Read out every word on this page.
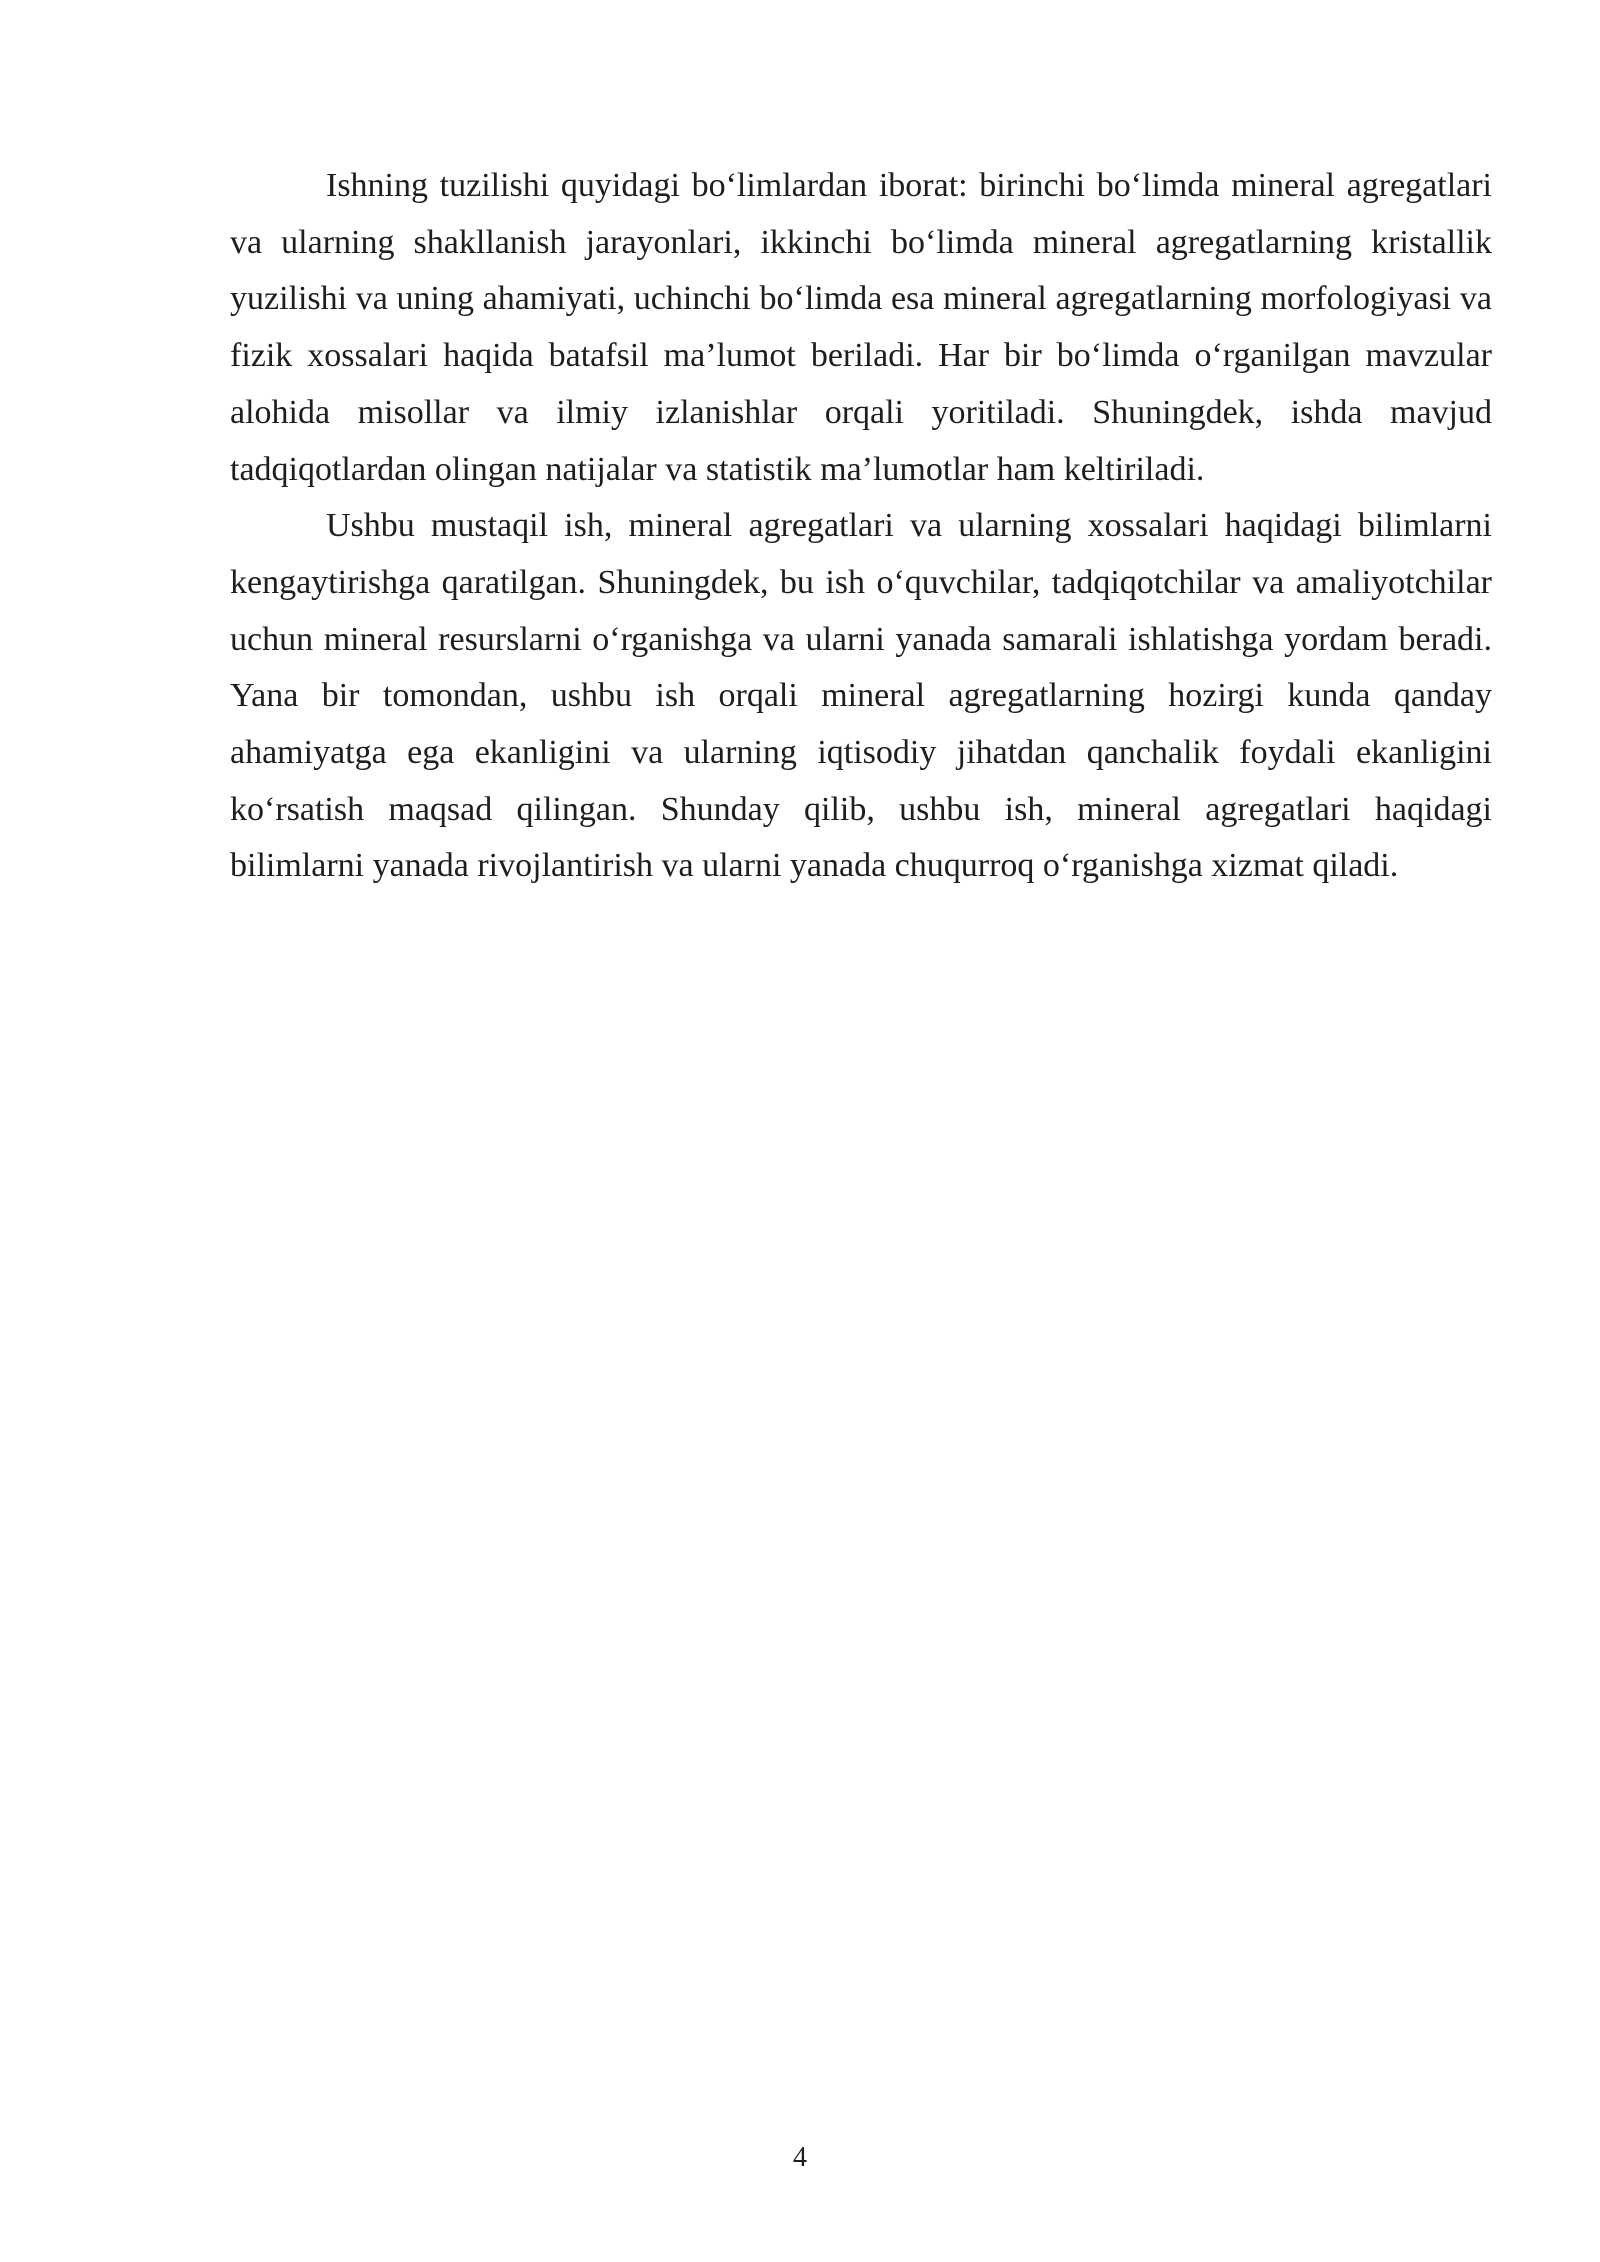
Ishning tuzilishi quyidagi bo‘limlardan iborat: birinchi bo‘limda mineral agregatlari va ularning shakllanish jarayonlari, ikkinchi bo‘limda mineral agregatlarning kristallik yuzilishi va uning ahamiyati, uchinchi bo‘limda esa mineral agregatlarning morfologiyasi va fizik xossalari haqida batafsil ma’lumot beriladi. Har bir bo‘limda o‘rganilgan mavzular alohida misollar va ilmiy izlanishlar orqali yoritiladi. Shuningdek, ishda mavjud tadqiqotlardan olingan natijalar va statistik ma’lumotlar ham keltiriladi.

Ushbu mustaqil ish, mineral agregatlari va ularning xossalari haqidagi bilimlarni kengaytirishga qaratilgan. Shuningdek, bu ish o‘quvchilar, tadqiqotchilar va amaliyotchilar uchun mineral resurslarni o‘rganishga va ularni yanada samarali ishlatishga yordam beradi. Yana bir tomondan, ushbu ish orqali mineral agregatlarning hozirgi kunda qanday ahamiyatga ega ekanligini va ularning iqtisodiy jihatdan qanchalik foydali ekanligini ko‘rsatish maqsad qilingan. Shunday qilib, ushbu ish, mineral agregatlari haqidagi bilimlarni yanada rivojlantirish va ularni yanada chuqurroq o‘rganishga xizmat qiladi.

4
